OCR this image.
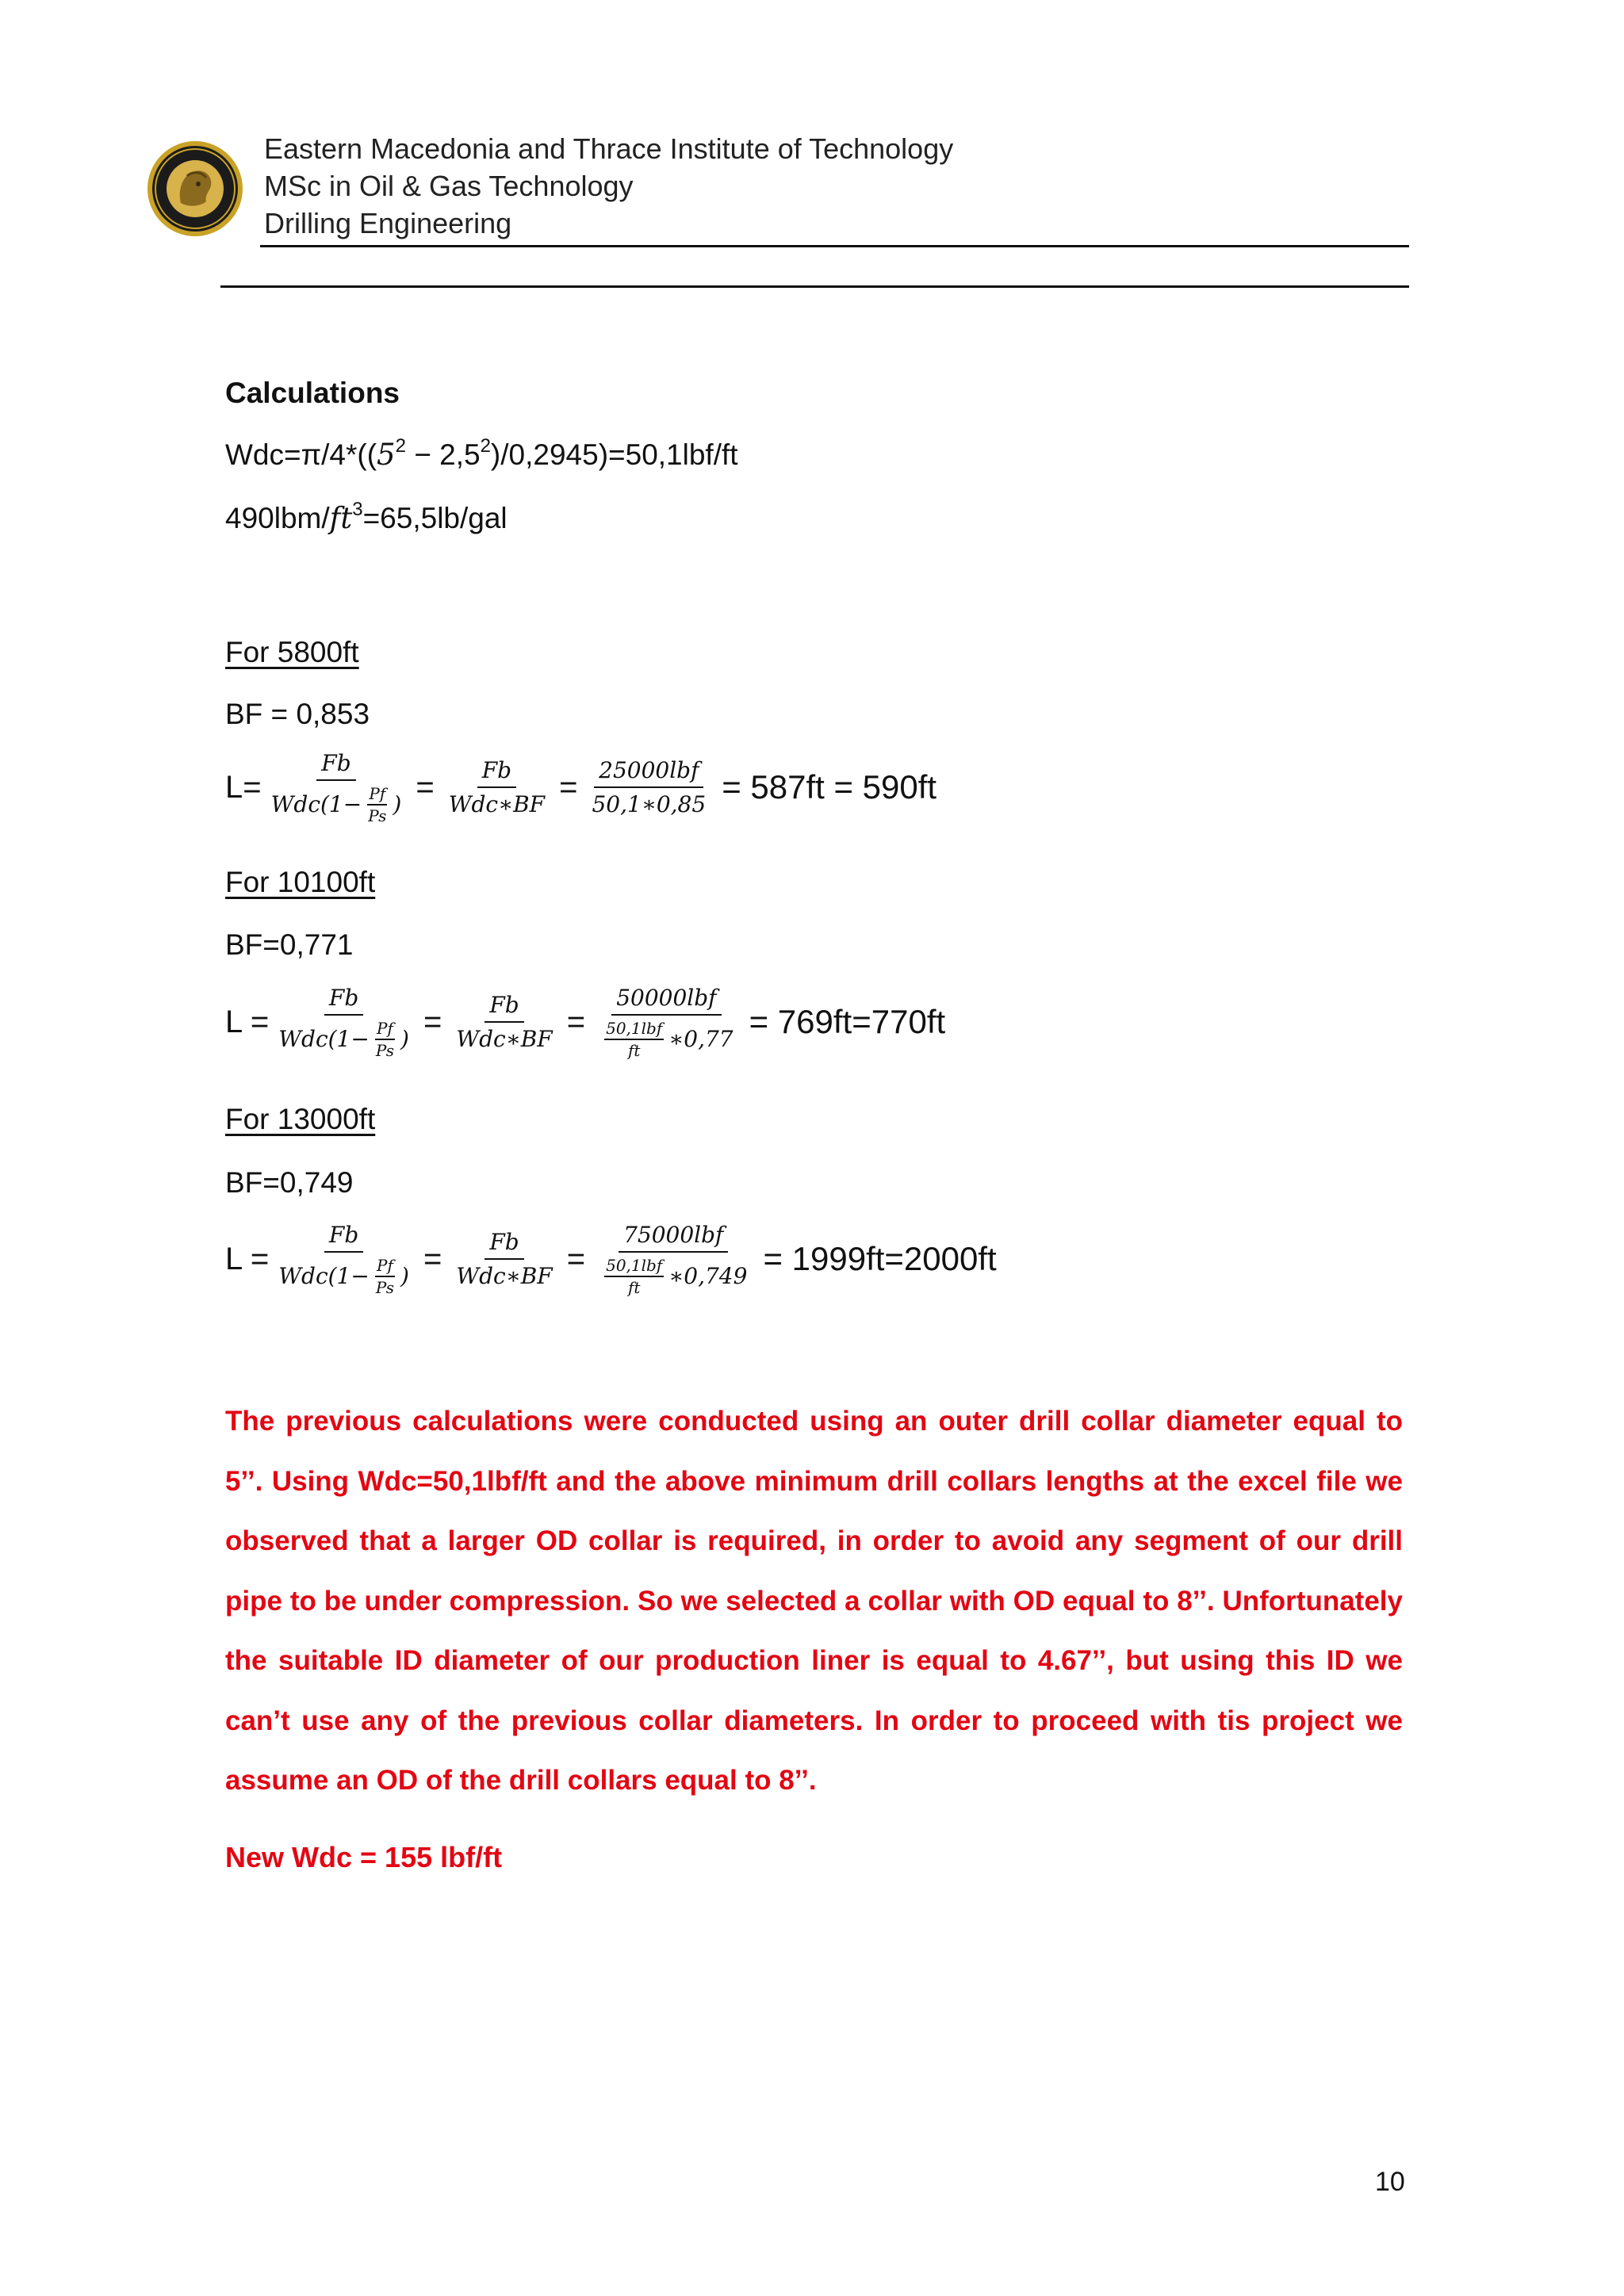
Eastern Macedonia and Thrace Institute of Technology
MSc in Oil & Gas Technology
Drilling Engineering
Calculations
$Wdc=\pi/4*((5^2 - 2,5^2)/0,2945)=50,1lbf/ft$
$490lbm/ft^3=65,5lb$/gal
For 5800ft
BF = 0,853
$L= \frac{Fb}{Wdc(1- \frac{Pf}{Ps} )} = \frac{Fb}{\text{Wdc∗BF}} = \frac{\text{25000lbf}}{50,1∗0,85} = 587ft = 590ft$
For 10100ft
BF=0,771
$L = \frac{Fb}{Wdc(1- \frac{Pf}{Ps} )} = \frac{Fb}{\text{Wdc∗BF}} = \frac{\text{50000lbf}}{\frac{\text{50,1lbf}}{ft} ∗0,77} = 769ft=770ft$
For 13000ft
BF=0,749
$L = \frac{Fb}{Wdc(1- \frac{Pf}{Ps} )} = \frac{Fb}{\text{Wdc∗BF}} = \frac{\text{75000lbf}}{\frac{\text{50,1lbf}}{ft} ∗0,749} = 1999ft=2000ft$
The previous calculations were conducted using an outer drill collar diameter equal to 5’’. Using Wdc=50,1lbf/ft and the above minimum drill collars lengths at the excel file we observed that a larger OD collar is required, in order to avoid any segment of our drill pipe to be under compression. So we selected a collar with OD equal to 8’’. Unfortunately the suitable ID diameter of our production liner is equal to 4.67’’, but using this ID we can’t use any of the previous collar diameters. In order to proceed with tis project we assume an OD of the drill collars equal to 8’’.
New Wdc = 155 lbf/ft
10
